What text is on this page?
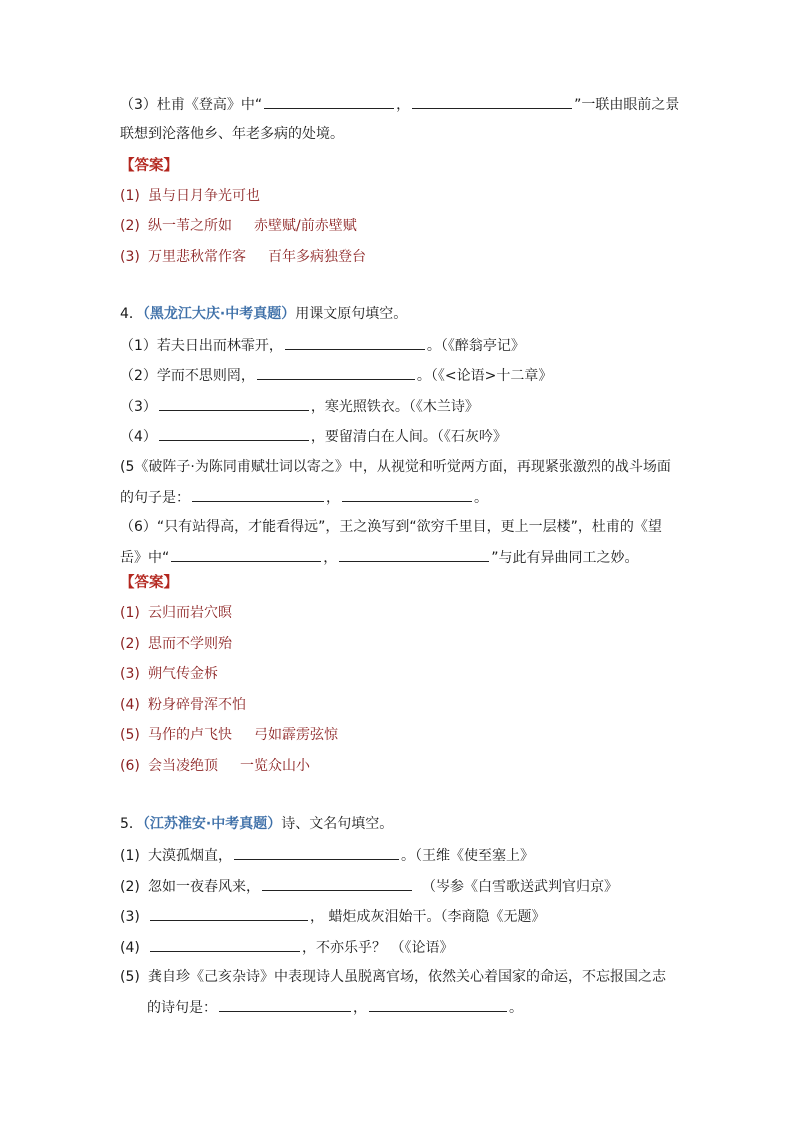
（3）杜甫《登高》中“	，	”一联由眼前之景
联想到沦落他乡、年老多病的处境。
【答案】
(1) 虽与日月争光可也
(2) 纵一苇之所如 赤壁赋/前赤壁赋
(3) 万里悲秋常作客 百年多病独登台
4．（黑龙江大庆·中考真题）用课文原句填空。
（1）若夫日出而林霏开，	。（《醉翁亭记》
（2）学而不思则罔，	。（《<论语>十二章》
（3）	，寒光照铁衣。（《木兰诗》
（4）	，要留清白在人间。（《石灰吟》
(5《破阵子·为陈同甫赋壮词以寄之》中，从视觉和听觉两方面，再现紧张激烈的战斗场面
的句子是：	，	。
（6）“只有站得高，才能看得远”，王之涣写到“欲穷千里目，更上一层楼”，杜甫的《望
岳》中“	，	”与此有异曲同工之妙。
【答案】
(1) 云归而岩穴暝
(2) 思而不学则殆
(3) 朔气传金柝
(4) 粉身碎骨浑不怕
(5) 马作的卢飞快 弓如霹雳弦惊
(6) 会当凌绝顶 一览众山小
5．（江苏淮安·中考真题）诗、文名句填空。
(1) 大漠孤烟直，	。（王维《使至塞上》
(2) 忽如一夜春风来，	（岑参《白雪歌送武判官归京》
(3)	， 蜡炬成灰泪始干。（李商隐《无题》
(4)	，不亦乐乎？ （《论语》
(5) 龚自珍《己亥杂诗》中表现诗人虽脱离官场，依然关心着国家的命运，不忘报国之志
的诗句是：	，	。
